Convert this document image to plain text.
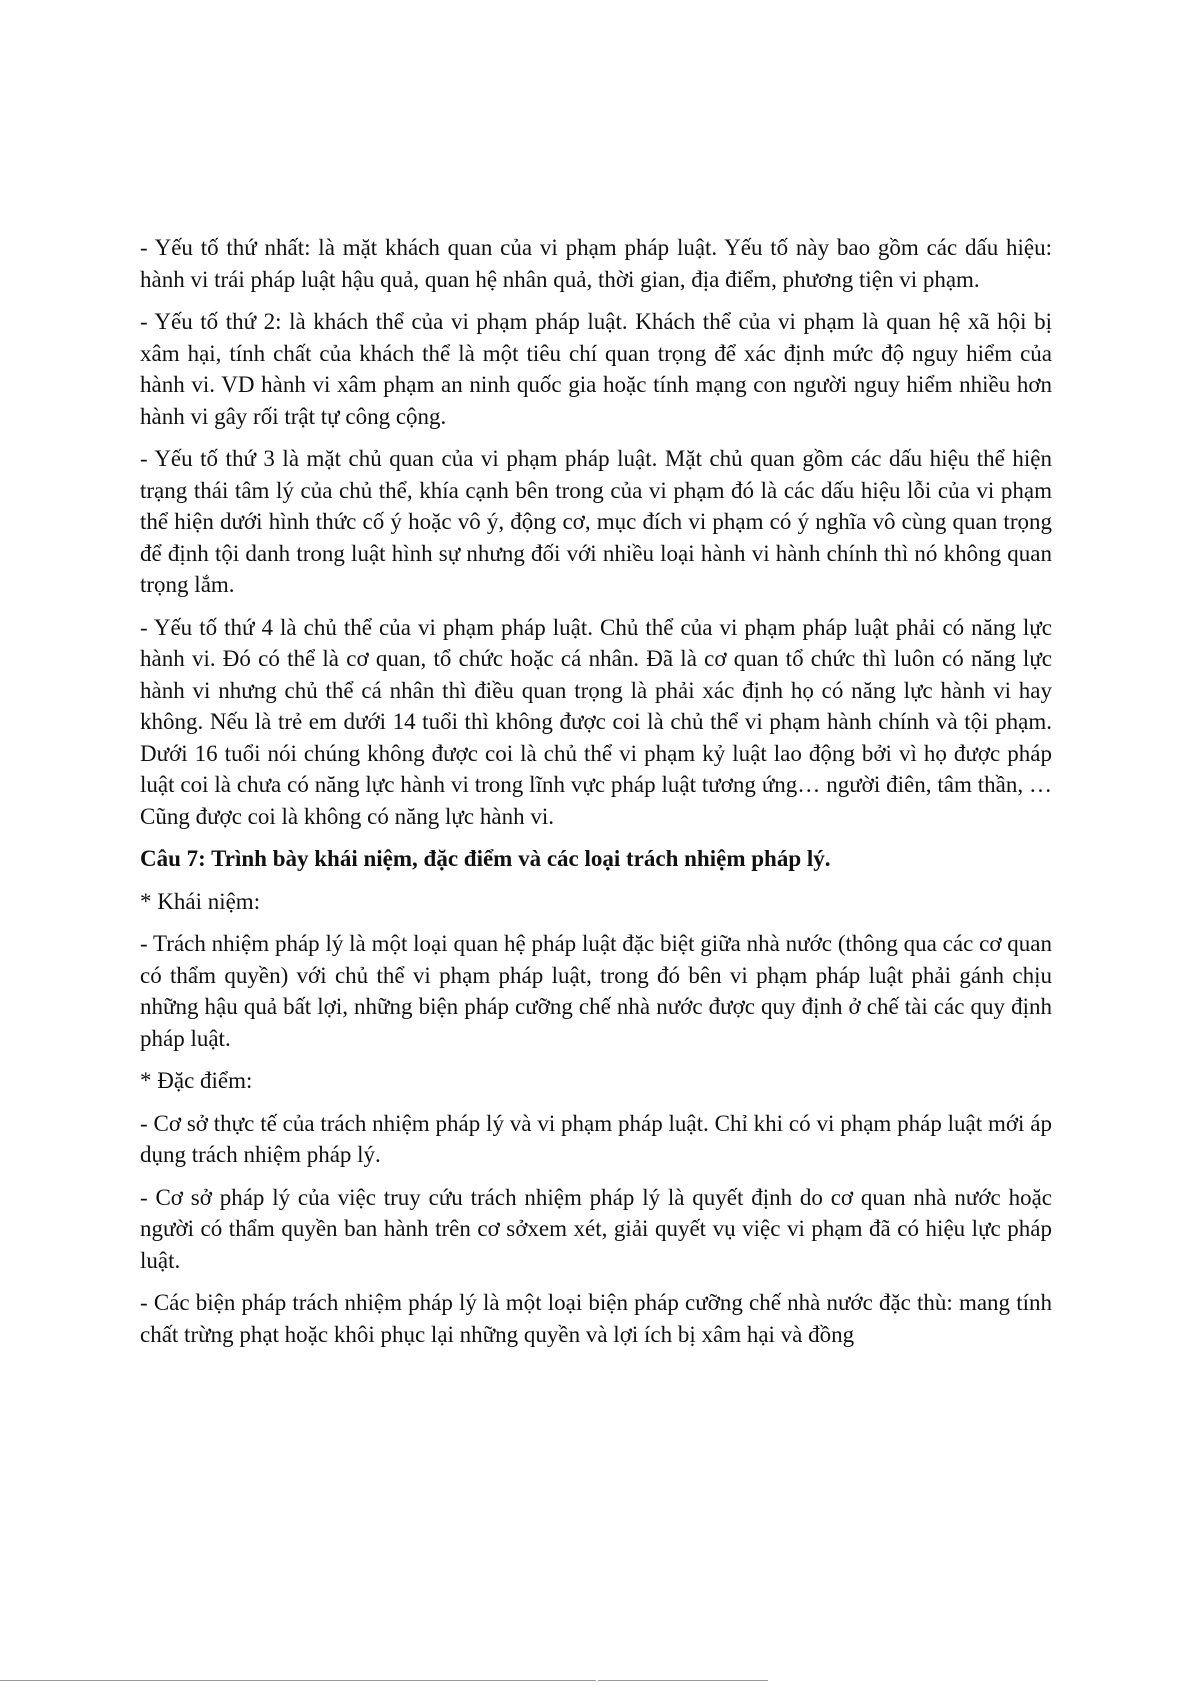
- Yếu tố thứ nhất: là mặt khách quan của vi phạm pháp luật. Yếu tố này bao gồm các dấu hiệu: hành vi trái pháp luật hậu quả, quan hệ nhân quả, thời gian, địa điểm, phương tiện vi phạm.

- Yếu tố thứ 2: là khách thể của vi phạm pháp luật. Khách thể của vi phạm là quan hệ xã hội bị xâm hại, tính chất của khách thể là một tiêu chí quan trọng để xác định mức độ nguy hiểm của hành vi. VD hành vi xâm phạm an ninh quốc gia hoặc tính mạng con người nguy hiểm nhiều hơn hành vi gây rối trật tự công cộng.

- Yếu tố thứ 3 là mặt chủ quan của vi phạm pháp luật. Mặt chủ quan gồm các dấu hiệu thể hiện trạng thái tâm lý của chủ thể, khía cạnh bên trong của vi phạm đó là các dấu hiệu lỗi của vi phạm thể hiện dưới hình thức cố ý hoặc vô ý, động cơ, mục đích vi phạm có ý nghĩa vô cùng quan trọng để định tội danh trong luật hình sự nhưng đối với nhiều loại hành vi hành chính thì nó không quan trọng lắm.

- Yếu tố thứ 4 là chủ thể của vi phạm pháp luật. Chủ thể của vi phạm pháp luật phải có năng lực hành vi. Đó có thể là cơ quan, tổ chức hoặc cá nhân. Đã là cơ quan tổ chức thì luôn có năng lực hành vi nhưng chủ thể cá nhân thì điều quan trọng là phải xác định họ có năng lực hành vi hay không. Nếu là trẻ em dưới 14 tuổi thì không được coi là chủ thể vi phạm hành chính và tội phạm. Dưới 16 tuổi nói chúng không được coi là chủ thể vi phạm kỷ luật lao động bởi vì họ được pháp luật coi là chưa có năng lực hành vi trong lĩnh vực pháp luật tương ứng… người điên, tâm thần, … Cũng được coi là không có năng lực hành vi.

Câu 7: Trình bày khái niệm, đặc điểm và các loại trách nhiệm pháp lý.

* Khái niệm:

- Trách nhiệm pháp lý là một loại quan hệ pháp luật đặc biệt giữa nhà nước (thông qua các cơ quan có thẩm quyền) với chủ thể vi phạm pháp luật, trong đó bên vi phạm pháp luật phải gánh chịu những hậu quả bất lợi, những biện pháp cưỡng chế nhà nước được quy định ở chế tài các quy định pháp luật.

* Đặc điểm:

- Cơ sở thực tế của trách nhiệm pháp lý và vi phạm pháp luật. Chỉ khi có vi phạm pháp luật mới áp dụng trách nhiệm pháp lý.

- Cơ sở pháp lý của việc truy cứu trách nhiệm pháp lý là quyết định do cơ quan nhà nước hoặc người có thẩm quyền ban hành trên cơ sởxem xét, giải quyết vụ việc vi phạm đã có hiệu lực pháp luật.

- Các biện pháp trách nhiệm pháp lý là một loại biện pháp cưỡng chế nhà nước đặc thù: mang tính chất trừng phạt hoặc khôi phục lại những quyền và lợi ích bị xâm hại và đồng
